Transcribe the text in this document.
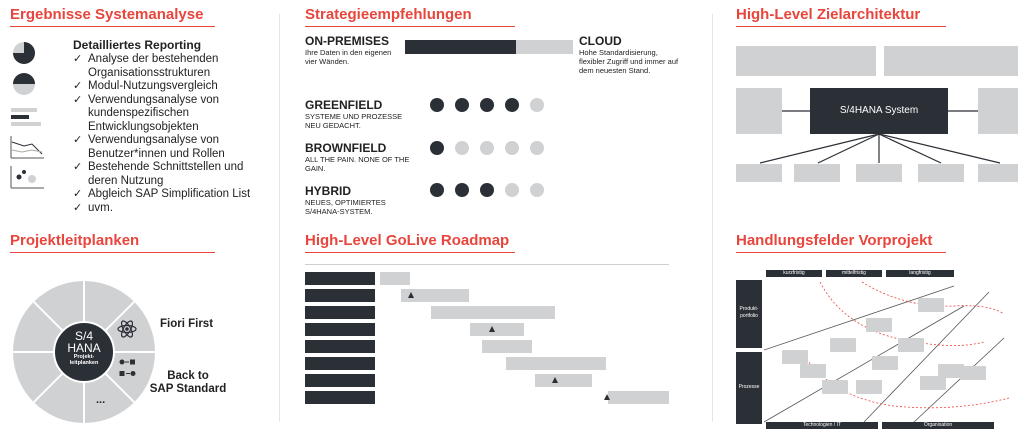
Ergebnisse Systemanalyse
Detailliertes Reporting
✓ Analyse der bestehenden Organisationsstrukturen
✓ Modul-Nutzungsvergleich
✓ Verwendungsanalyse von kundenspezifischen Entwicklungsobjekten
✓ Verwendungsanalyse von Benutzer*innen und Rollen
✓ Bestehende Schnittstellen und deren Nutzung
✓ Abgleich SAP Simplification List
✓ uvm.
Projektleitplanken
S/4
HANA
Projekt-
leitplanken
Fiori First
Back to
SAP Standard
...
Strategieempfehlungen
ON-PREMISES
Ihre Daten in den eigenen vier Wänden.
CLOUD
Hohe Standardisierung, flexibler Zugriff und immer auf dem neuesten Stand.
GREENFIELD
SYSTEME UND PROZESSE NEU GEDACHT.
BROWNFIELD
ALL THE PAIN. NONE OF THE GAIN.
HYBRID
NEUES, OPTIMIERTES S/4HANA-SYSTEM.
High-Level GoLive Roadmap
High-Level Zielarchitektur
S/4HANA System
Handlungsfelder Vorprojekt
kurzfristig	mittelfristig	langfristig
Produkt-portfolio
Prozesse
Technologien / IT	Organisation
